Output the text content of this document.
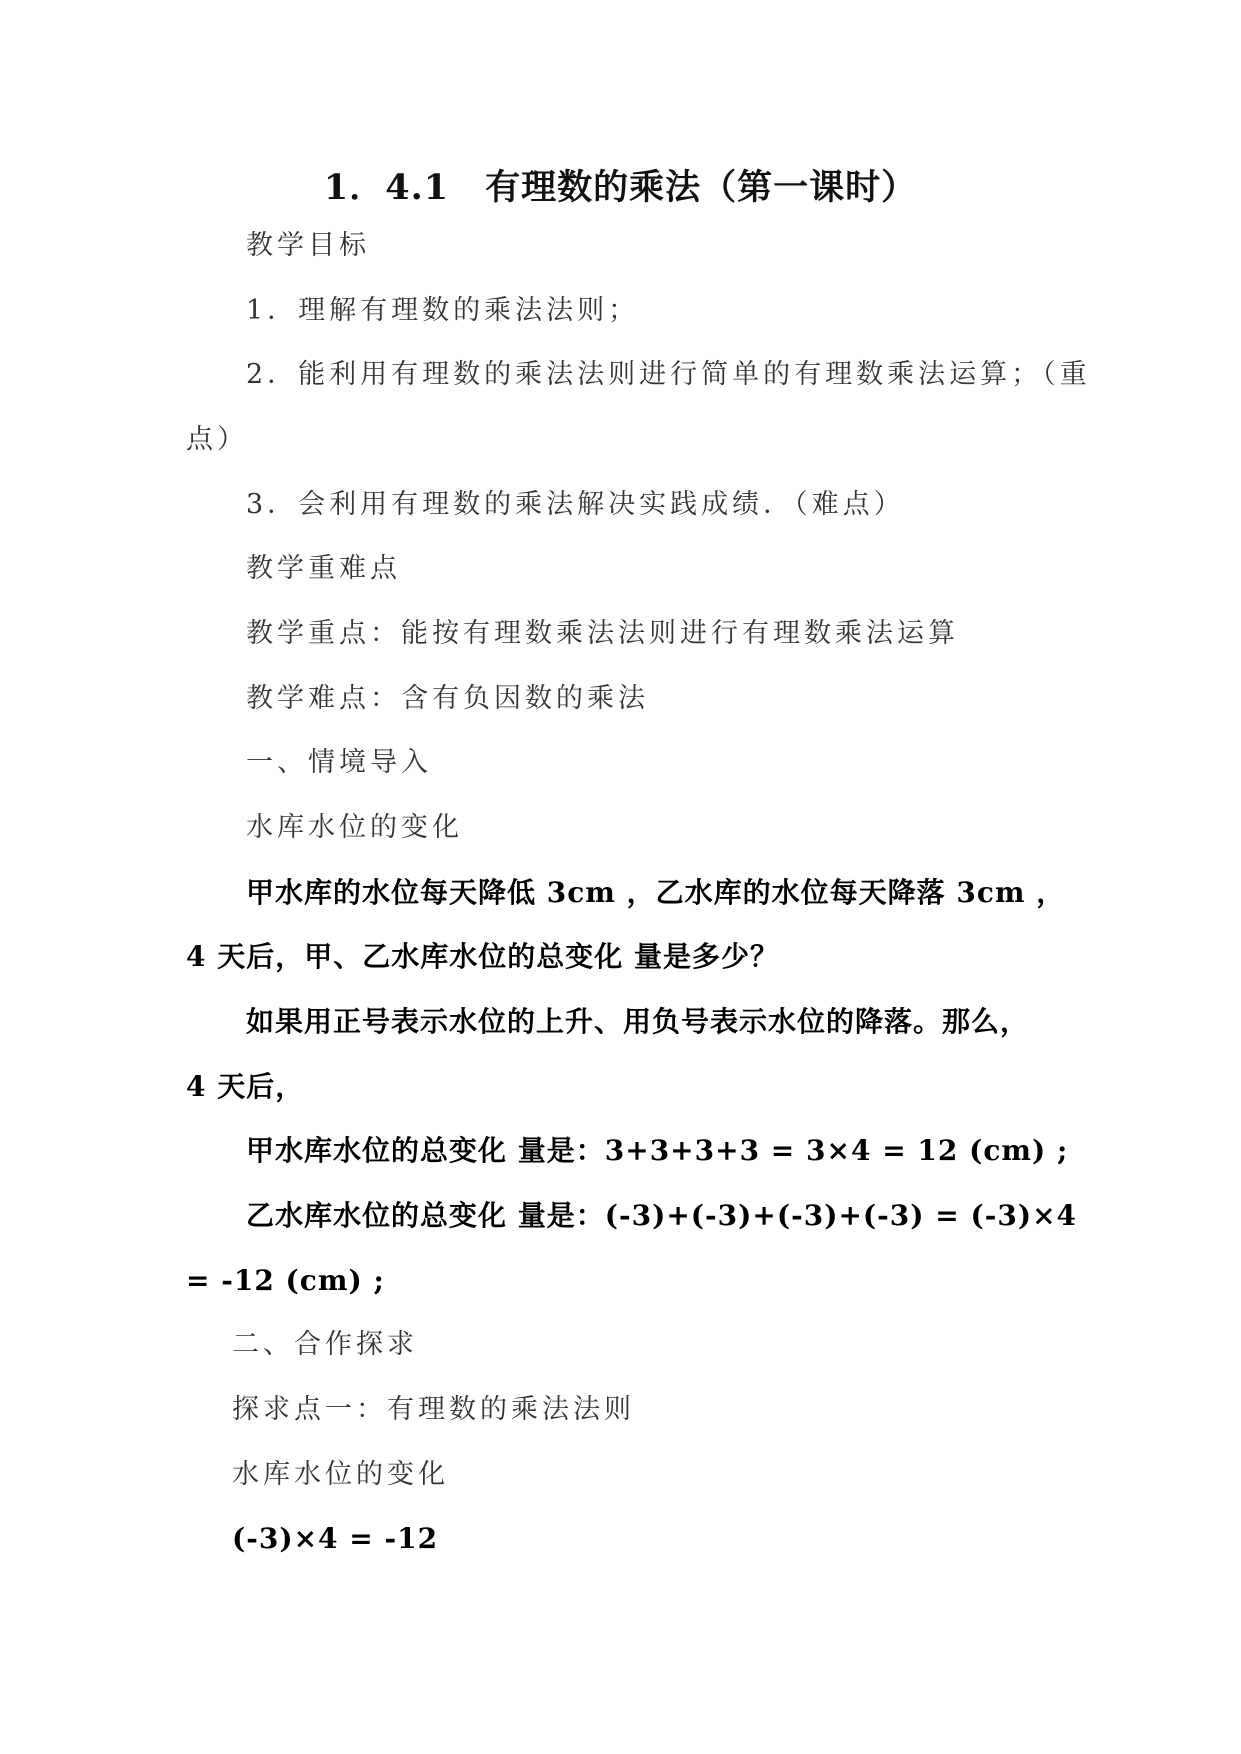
1．4.1　有理数的乘法（第一课时）
教学目标
1．理解有理数的乘法法则；
2．能利用有理数的乘法法则进行简单的有理数乘法运算；（重
点）
3．会利用有理数的乘法解决实践成绩．（难点）
教学重难点
教学重点：能按有理数乘法法则进行有理数乘法运算
教学难点：含有负因数的乘法
一、情境导入
水库水位的变化
甲水库的水位每天降低 3cm ，乙水库的水位每天降落 3cm ，
4 天后，甲、乙水库水位的总变化 量是多少？
如果用正号表示水位的上升、用负号表示水位的降落。那么，
4 天后，
甲水库水位的总变化 量是：3+3+3+3 = 3×4 = 12 (cm) ;
乙水库水位的总变化 量是：(-3)+(-3)+(-3)+(-3) = (-3)×4
= -12 (cm) ;
二、合作探求
探求点一：有理数的乘法法则
水库水位的变化
(-3)×4 = -12
